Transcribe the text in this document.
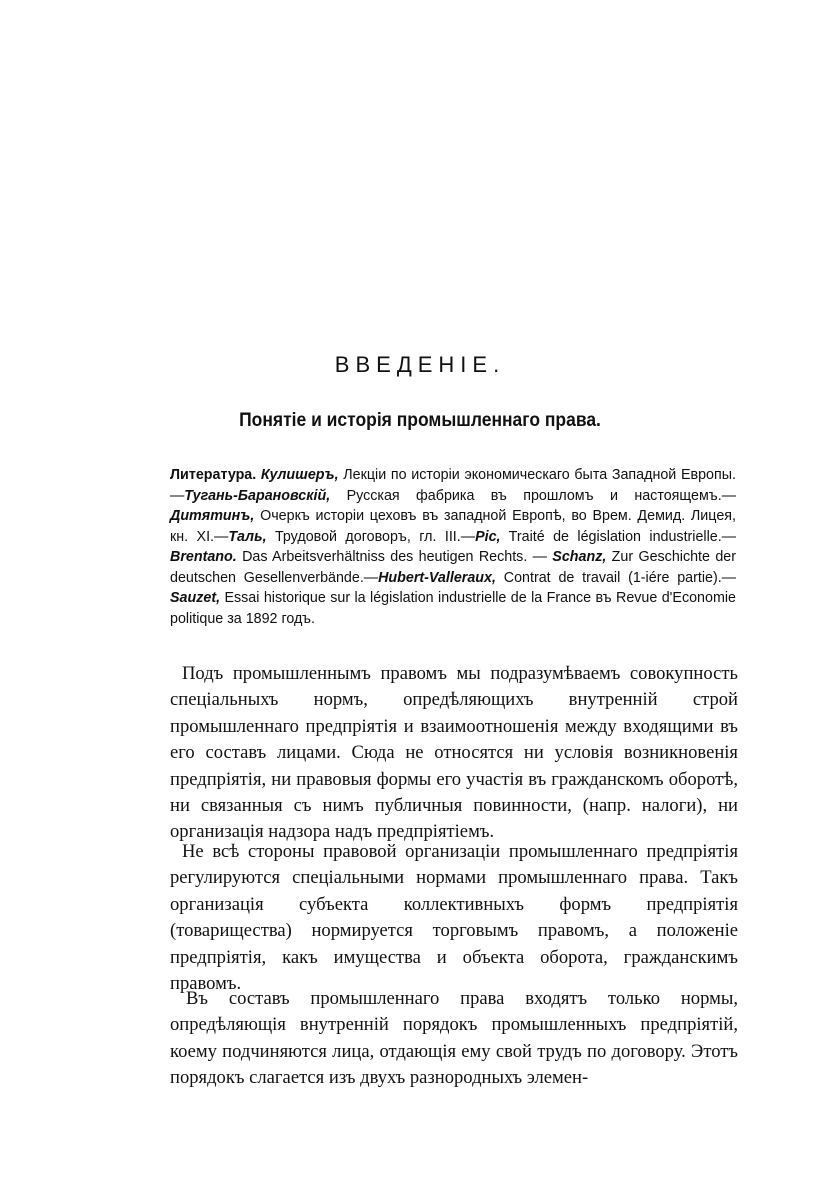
ВВЕДЕНІЕ.
Понятіе и исторія промышленнаго права.

Литература. Кулишеръ, Лекціи по исторіи экономическаго быта Западной Европы.—Тугань-Барановскій, Русская фабрика въ прошломъ и настоящемъ.—Дитятинъ, Очеркъ исторіи цеховъ въ западной Европѣ, во Врем. Демид. Лицея, кн. XI.—Таль, Трудовой договоръ, гл. III.—Pic, Traité de législation industrielle.—Brentano. Das Arbeitsverhältniss des heutigen Rechts. — Schanz, Zur Geschichte der deutschen Gesellenverbände.—Hubert-Valleraux, Contrat de travail (1-iére partie).—Sauzet, Essai historique sur la législation industrielle de la France въ Revue d'Economie politique за 1892 годъ.

Подъ промышленнымъ правомъ мы подразумѣваемъ совокупность спеціальныхъ нормъ, опредѣляющихъ внутренній строй промышленнаго предпріятія и взаимоотношенія между входящими въ его составъ лицами. Сюда не относятся ни условія возникновенія предпріятія, ни правовыя формы его участія въ гражданскомъ оборотѣ, ни связанныя съ нимъ публичныя повинности, (напр. налоги), ни организація надзора надъ предпріятіемъ.

Не всѣ стороны правовой организаціи промышленнаго предпріятія регулируются спеціальными нормами промышленнаго права. Такъ организація субъекта коллективныхъ формъ предпріятія (товарищества) нормируется торговымъ правомъ, а положеніе предпріятія, какъ имущества и объекта оборота, гражданскимъ правомъ.

Въ составъ промышленнаго права входятъ только нормы, опредѣляющія внутренній порядокъ промышленныхъ предпріятій, коему подчиняются лица, отдающія ему свой трудъ по договору. Этотъ порядокъ слагается изъ двухъ разнородныхъ элемен-
